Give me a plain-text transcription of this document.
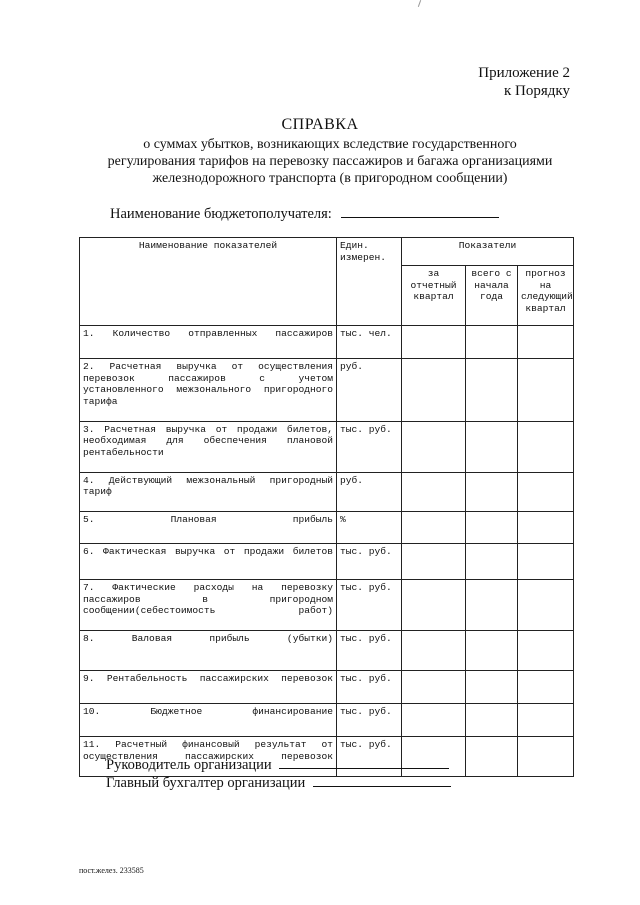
Приложение 2
к Порядку
СПРАВКА
о суммах убытков, возникающих вследствие государственного
регулирования тарифов на перевозку пассажиров и багажа организациями
железнодорожного транспорта (в пригородном сообщении)
Наименование бюджетополучателя:
Наименование показателей	Един. измерен.	Показатели		
		за отчетный квартал	всего с начала года	прогноз на следующий квартал
1. Количество отправленных пассажиров	тыс. чел.			
2. Расчетная выручка от осуществления перевозок пассажиров с учетом установленного межзонального пригородного тарифа	руб.			
3. Расчетная выручка от продажи билетов, необходимая для обеспечения плановой рентабельности	тыс. руб.			
4. Действующий межзональный пригородный тариф	руб.			
5. Плановая прибыль	%			
6. Фактическая выручка от продажи билетов	тыс. руб.			
7. Фактические расходы на перевозку пассажиров в пригородном сообщении(себестоимость работ)	тыс. руб.			
8. Валовая прибыль (убытки)	тыс. руб.			
9. Рентабельность пассажирских перевозок	тыс. руб.			
10. Бюджетное финансирование	тыс. руб.			
11. Расчетный финансовый результат от осуществления пассажирских перевозок	тыс. руб.			
Руководитель организации
Главный бухгалтер организации
пост.желез. 233585
